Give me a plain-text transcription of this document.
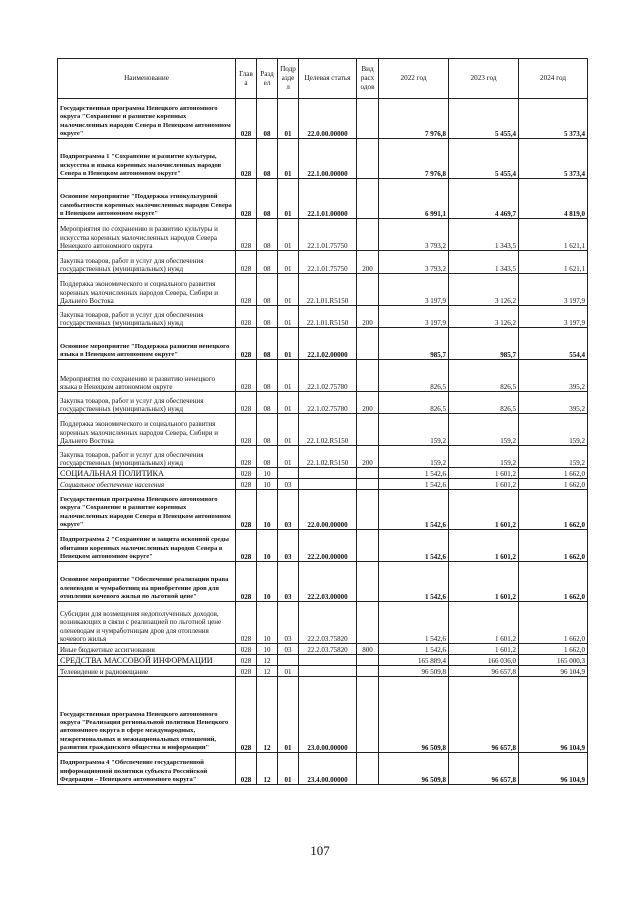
Наименование	Глав а	Разд ел	Подр азде л	Целевая статья	Вид расх одов	2022 год	2023 год	2024 год
Государственная программа Ненецкого автономного округа "Сохранение и развитие коренных малочисленных народов Севера в Ненецком автономном округе"	028	08	01	22.0.00.00000		7 976,8	5 455,4	5 373,4
Подпрограмма 1 "Сохранение и развитие культуры, искусства и языка коренных малочисленных народов Севера в Ненецком автономном округе"	028	08	01	22.1.00.00000		7 976,8	5 455,4	5 373,4
Основное мероприятие "Поддержка этнокультурной самобытности коренных малочисленных народов Севера в Ненецком автономном округе"	028	08	01	22.1.01.00000		6 991,1	4 469,7	4 819,0
Мероприятия по сохранению и развитию культуры и искусства коренных малочисленных народов Севера Ненецкого автономного округа	028	08	01	22.1.01.75750		3 793,2	1 343,5	1 621,1
Закупка товаров, работ и услуг для обеспечения государственных (муниципальных) нужд	028	08	01	22.1.01.75750	200	3 793,2	1 343,5	1 621,1
Поддержка экономического и социального развития коренных малочисленных народов Севера, Сибири и Дальнего Востока	028	08	01	22.1.01.R5150		3 197,9	3 126,2	3 197,9
Закупка товаров, работ и услуг для обеспечения государственных (муниципальных) нужд	028	08	01	22.1.01.R5150	200	3 197,9	3 126,2	3 197,9
Основное мероприятие "Поддержка развития ненецкого языка в Ненецком автономном округе"	028	08	01	22.1.02.00000		985,7	985,7	554,4
Мероприятия по сохранению и развитию ненецкого языка в Ненецком автономном округе	028	08	01	22.1.02.75780		826,5	826,5	395,2
Закупка товаров, работ и услуг для обеспечения государственных (муниципальных) нужд	028	08	01	22.1.02.75780	200	826,5	826,5	395,2
Поддержка экономического и социального развития коренных малочисленных народов Севера, Сибири и Дальнего Востока	028	08	01	22.1.02.R5150		159,2	159,2	159,2
Закупка товаров, работ и услуг для обеспечения государственных (муниципальных) нужд	028	08	01	22.1.02.R5150	200	159,2	159,2	159,2
СОЦИАЛЬНАЯ ПОЛИТИКА	028	10				1 542,6	1 601,2	1 662,0
Социальное обеспечение населения	028	10	03			1 542,6	1 601,2	1 662,0
Государственная программа Ненецкого автономного округа "Сохранение и развитие коренных малочисленных народов Севера в Ненецком автономном округе"	028	10	03	22.0.00.00000		1 542,6	1 601,2	1 662,0
Подпрограмма 2 "Сохранение и защита исконной среды обитания коренных малочисленных народов Севера в Ненецком автономном округе"	028	10	03	22.2.00.00000		1 542,6	1 601,2	1 662,0
Основное мероприятие "Обеспечение реализации права оленеводов и чумработниц на приобретение дров для отопления кочевого жилья по льготной цене"	028	10	03	22.2.03.00000		1 542,6	1 601,2	1 662,0
Субсидии для возмещения недополученных доходов, возникающих в связи с реализацией по льготной цене оленеводам и чумработницам дров для отопления кочевого жилья	028	10	03	22.2.03.75820		1 542,6	1 601,2	1 662,0
Иные бюджетные ассигнования	028	10	03	22.2.03.75820	800	1 542,6	1 601,2	1 662,0
СРЕДСТВА МАССОВОЙ ИНФОРМАЦИИ	028	12				165 889,4	166 036,0	165 000,3
Телевидение и радиовещание	028	12	01			96 509,8	96 657,8	96 104,9
Государственная программа Ненецкого автономного округа "Реализация региональной политики Ненецкого автономного округа в сфере международных, межрегиональных и межнациональных отношений, развития гражданского общества и информации"	028	12	01	23.0.00.00000		96 509,8	96 657,8	96 104,9
Подпрограмма 4 "Обеспечение государственной информационной политики субъекта Российской Федерации – Ненецкого автономного округа"	028	12	01	23.4.00.00000		96 509,8	96 657,8	96 104,9
107
